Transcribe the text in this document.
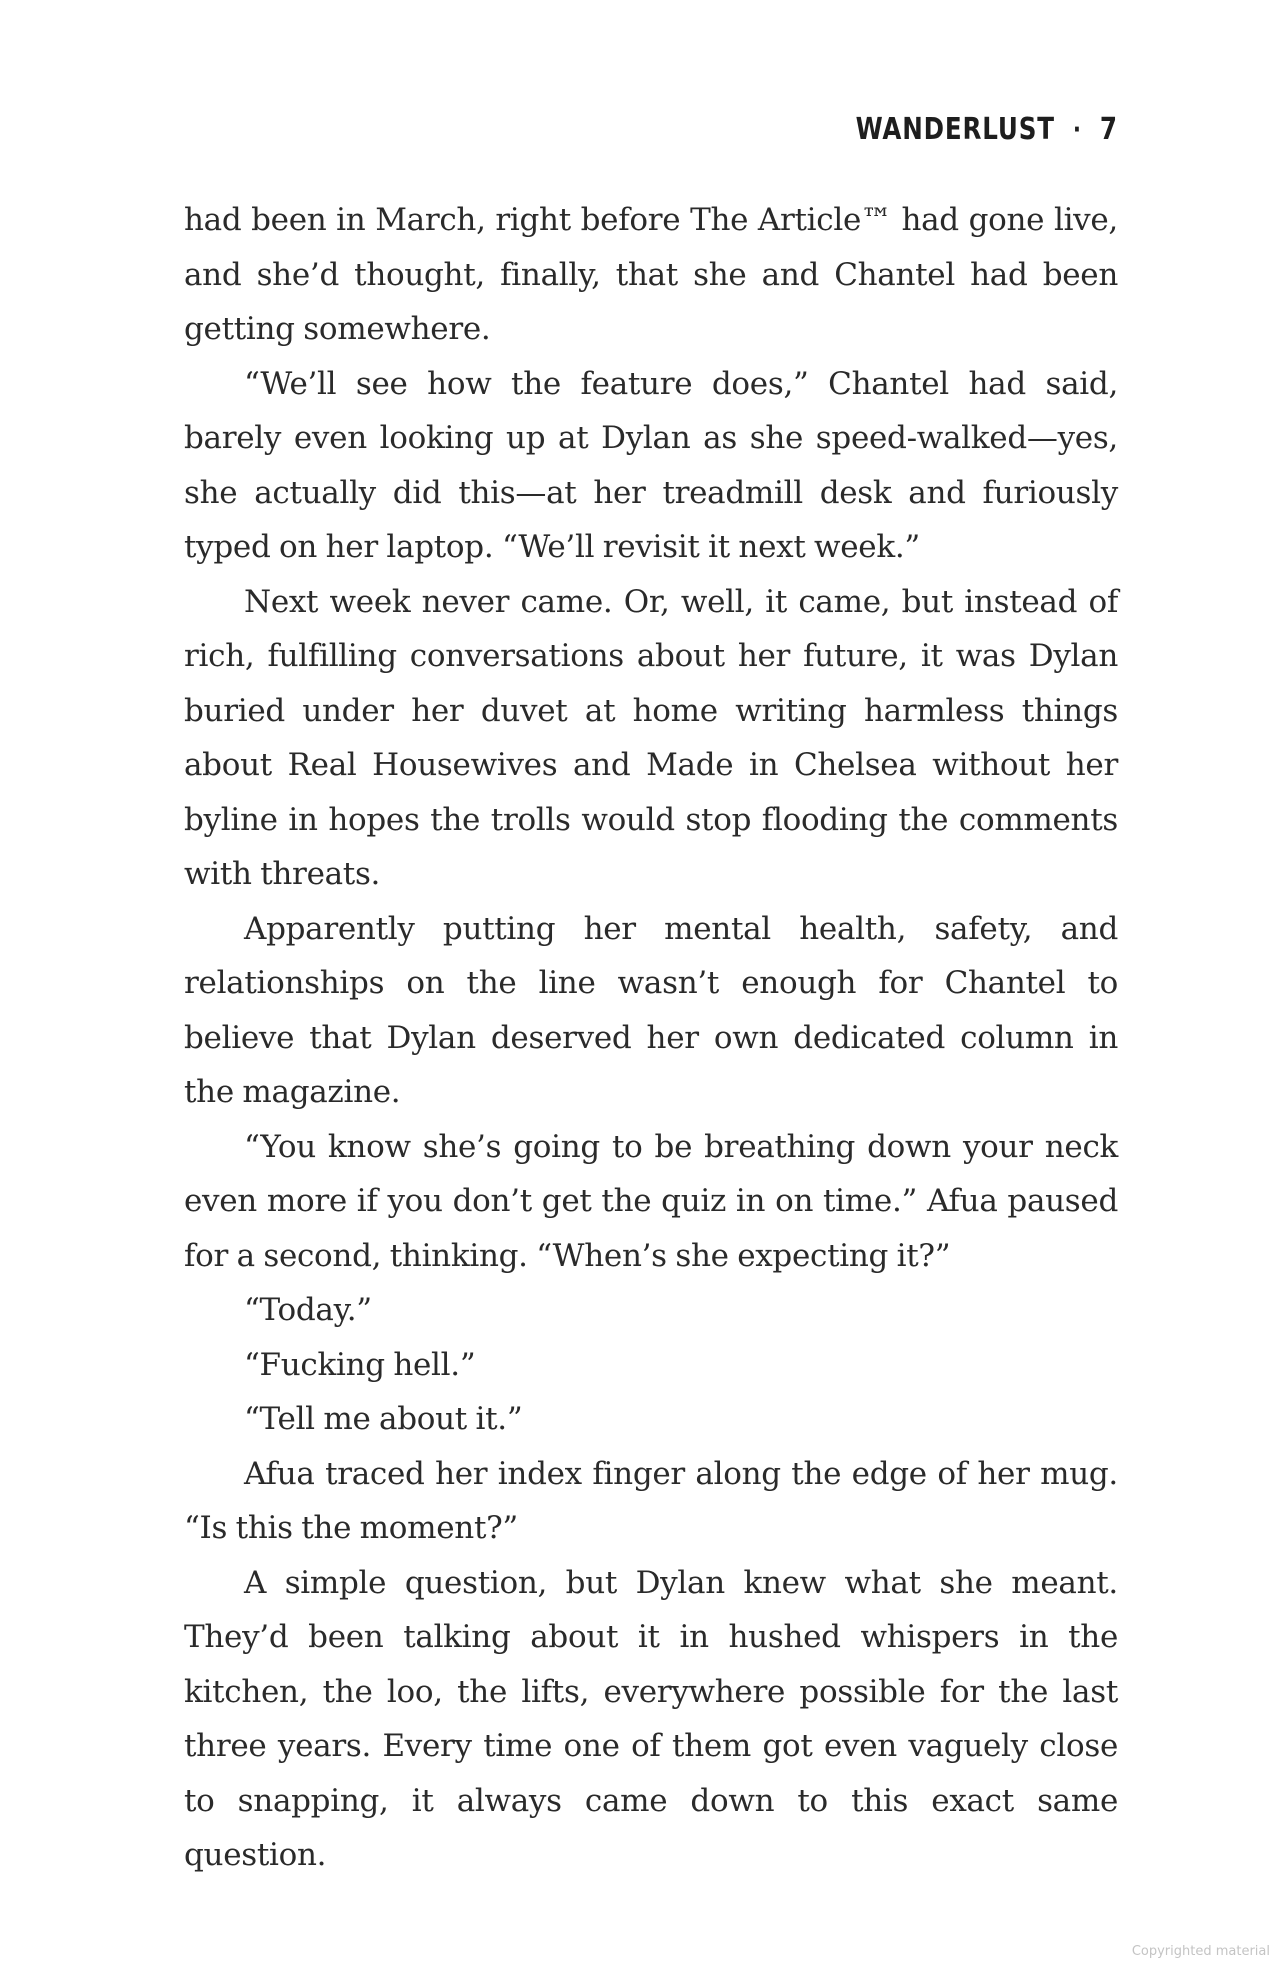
WANDERLUST · 7

had been in March, right before The Article™ had gone live, and she’d thought, finally, that she and Chantel had been getting somewhere.

“We’ll see how the feature does,” Chantel had said, barely even looking up at Dylan as she speed-walked—yes, she actually did this—at her treadmill desk and furiously typed on her laptop. “We’ll revisit it next week.”

Next week never came. Or, well, it came, but instead of rich, fulfilling conversations about her future, it was Dylan buried under her duvet at home writing harmless things about Real Housewives and Made in Chelsea without her byline in hopes the trolls would stop flooding the comments with threats.

Apparently putting her mental health, safety, and relationships on the line wasn’t enough for Chantel to believe that Dylan deserved her own dedicated column in the magazine.

“You know she’s going to be breathing down your neck even more if you don’t get the quiz in on time.” Afua paused for a second, thinking. “When’s she expecting it?”

“Today.”

“Fucking hell.”

“Tell me about it.”

Afua traced her index finger along the edge of her mug. “Is this the moment?”

A simple question, but Dylan knew what she meant. They’d been talking about it in hushed whispers in the kitchen, the loo, the lifts, everywhere possible for the last three years. Every time one of them got even vaguely close to snapping, it always came down to this exact same question.

Copyrighted material
